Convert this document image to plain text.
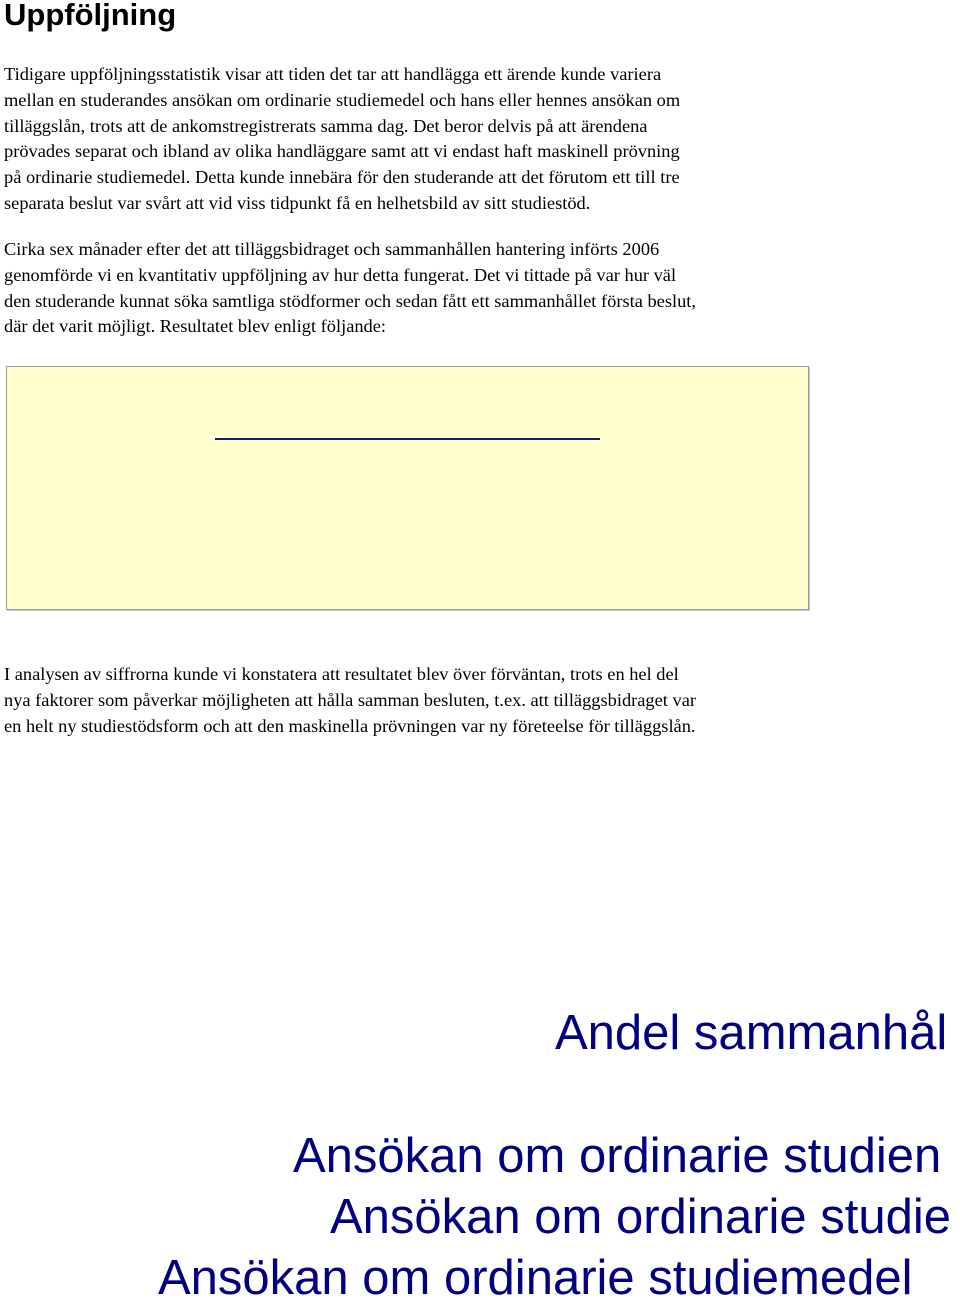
Uppföljning

Tidigare uppföljningsstatistik visar att tiden det tar att handlägga ett ärende kunde variera
mellan en studerandes ansökan om ordinarie studiemedel och hans eller hennes ansökan om
tilläggslån, trots att de ankomstregistrerats samma dag. Det beror delvis på att ärendena
prövades separat och ibland av olika handläggare samt att vi endast haft maskinell prövning
på ordinarie studiemedel. Detta kunde innebära för den studerande att det förutom ett till tre
separata beslut var svårt att vid viss tidpunkt få en helhetsbild av sitt studiestöd.

Cirka sex månader efter det att tilläggsbidraget och sammanhållen hantering införts 2006
genomförde vi en kvantitativ uppföljning av hur detta fungerat. Det vi tittade på var hur väl
den studerande kunnat söka samtliga stödformer och sedan fått ett sammanhållet första beslut,
där det varit möjligt. Resultatet blev enligt följande:

I analysen av siffrorna kunde vi konstatera att resultatet blev över förväntan, trots en hel del
nya faktorer som påverkar möjligheten att hålla samman besluten, t.ex. att tilläggsbidraget var
en helt ny studiestödsform och att den maskinella prövningen var ny företeelse för tilläggslån.

Andel sammanhål
Ansökan om ordinarie studien
Ansökan om ordinarie studie
Ansökan om ordinarie studiemedel
